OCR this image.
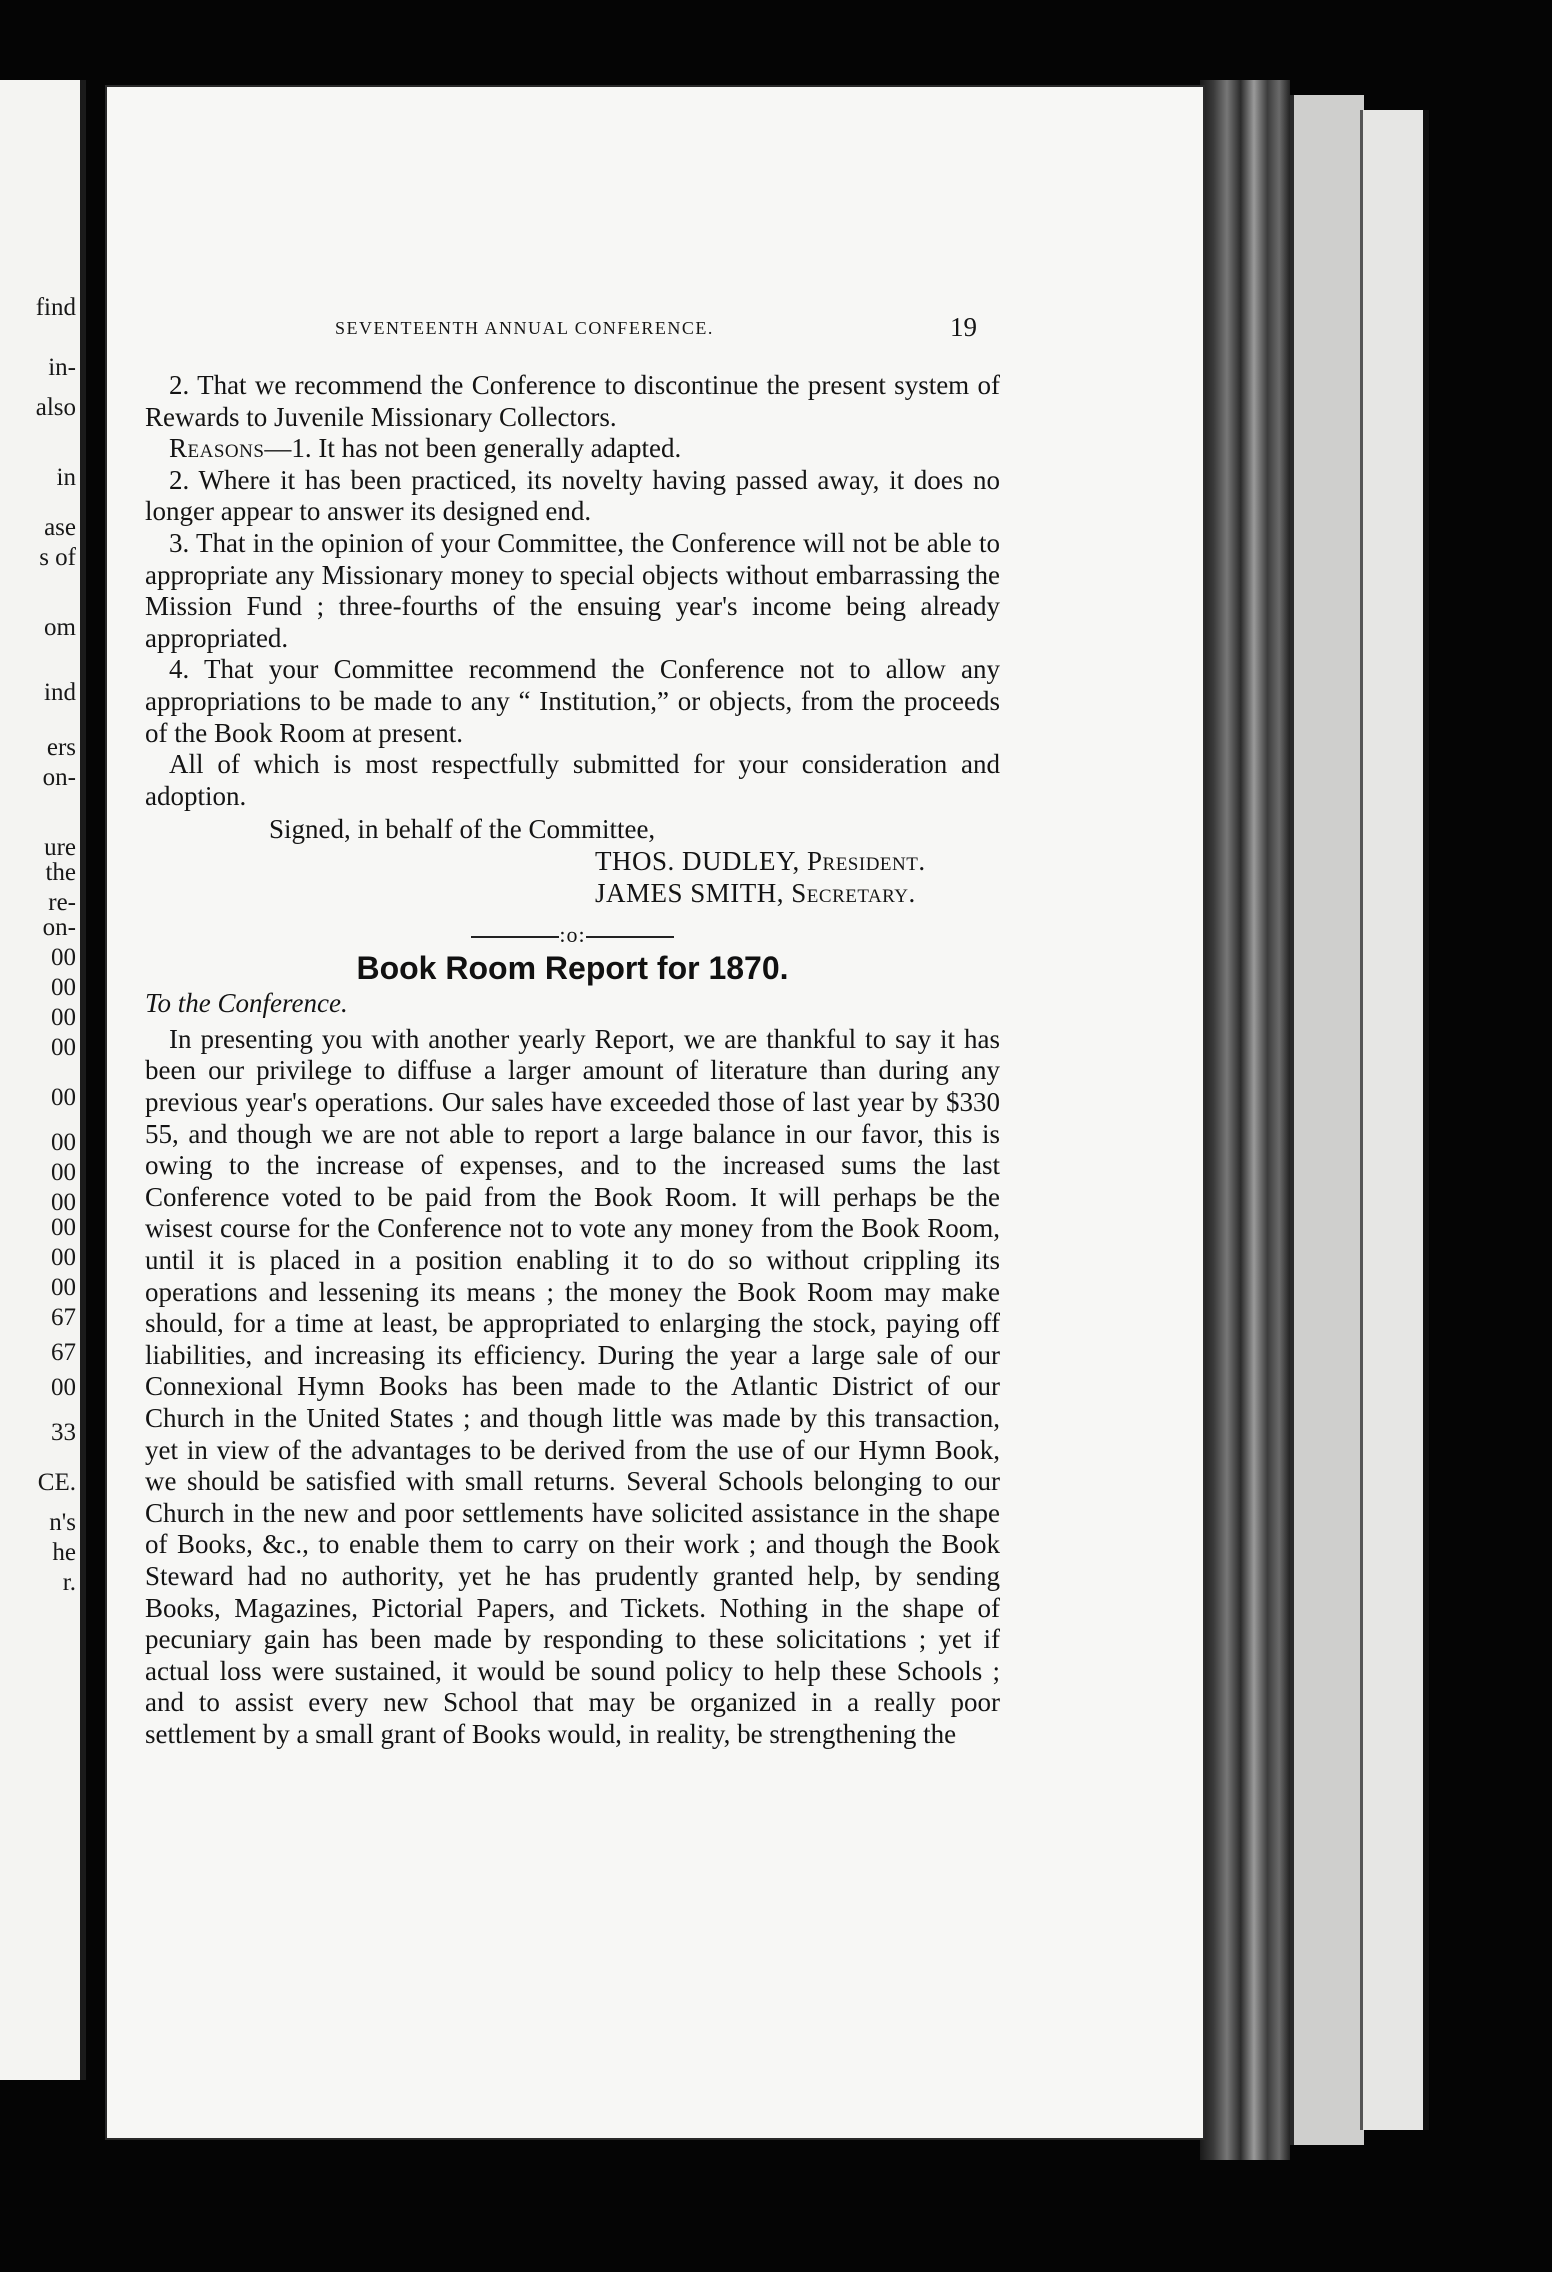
find
in-
also
in
ase
s of
om
ind
ers
on-
ure
the
re-
on-
00
00
00
00
00
00
00
00
00
00
00
67
67
00
33
CE.
n's
he
r.
SEVENTEENTH ANNUAL CONFERENCE.	19

2. That we recommend the Conference to discontinue the present system of Rewards to Juvenile Missionary Collectors.

Reasons—1. It has not been generally adapted.

2. Where it has been practiced, its novelty having passed away, it does no longer appear to answer its designed end.

3. That in the opinion of your Committee, the Conference will not be able to appropriate any Missionary money to special objects without embarrassing the Mission Fund ; three-fourths of the ensuing year's income being already appropriated.

4. That your Committee recommend the Conference not to allow any appropriations to be made to any “ Institution,” or objects, from the proceeds of the Book Room at present.

All of which is most respectfully submitted for your consideration and adoption.

Signed, in behalf of the Committee,

THOS. DUDLEY, President.

JAMES SMITH, Secretary.

:o:
Book Room Report for 1870.

To the Conference.

In presenting you with another yearly Report, we are thankful to say it has been our privilege to diffuse a larger amount of literature than during any previous year's operations. Our sales have exceeded those of last year by $330 55, and though we are not able to report a large balance in our favor, this is owing to the increase of expenses, and to the increased sums the last Conference voted to be paid from the Book Room. It will perhaps be the wisest course for the Conference not to vote any money from the Book Room, until it is placed in a position enabling it to do so without crippling its operations and lessening its means ; the money the Book Room may make should, for a time at least, be appropriated to enlarging the stock, paying off liabilities, and increasing its efficiency. During the year a large sale of our Connexional Hymn Books has been made to the Atlantic District of our Church in the United States ; and though little was made by this transaction, yet in view of the advantages to be derived from the use of our Hymn Book, we should be satisfied with small returns. Several Schools belonging to our Church in the new and poor settlements have solicited assistance in the shape of Books, &c., to enable them to carry on their work ; and though the Book Steward had no authority, yet he has prudently granted help, by sending Books, Magazines, Pictorial Papers, and Tickets. Nothing in the shape of pecuniary gain has been made by responding to these solicitations ; yet if actual loss were sustained, it would be sound policy to help these Schools ; and to assist every new School that may be organized in a really poor settlement by a small grant of Books would, in reality, be strengthening the
